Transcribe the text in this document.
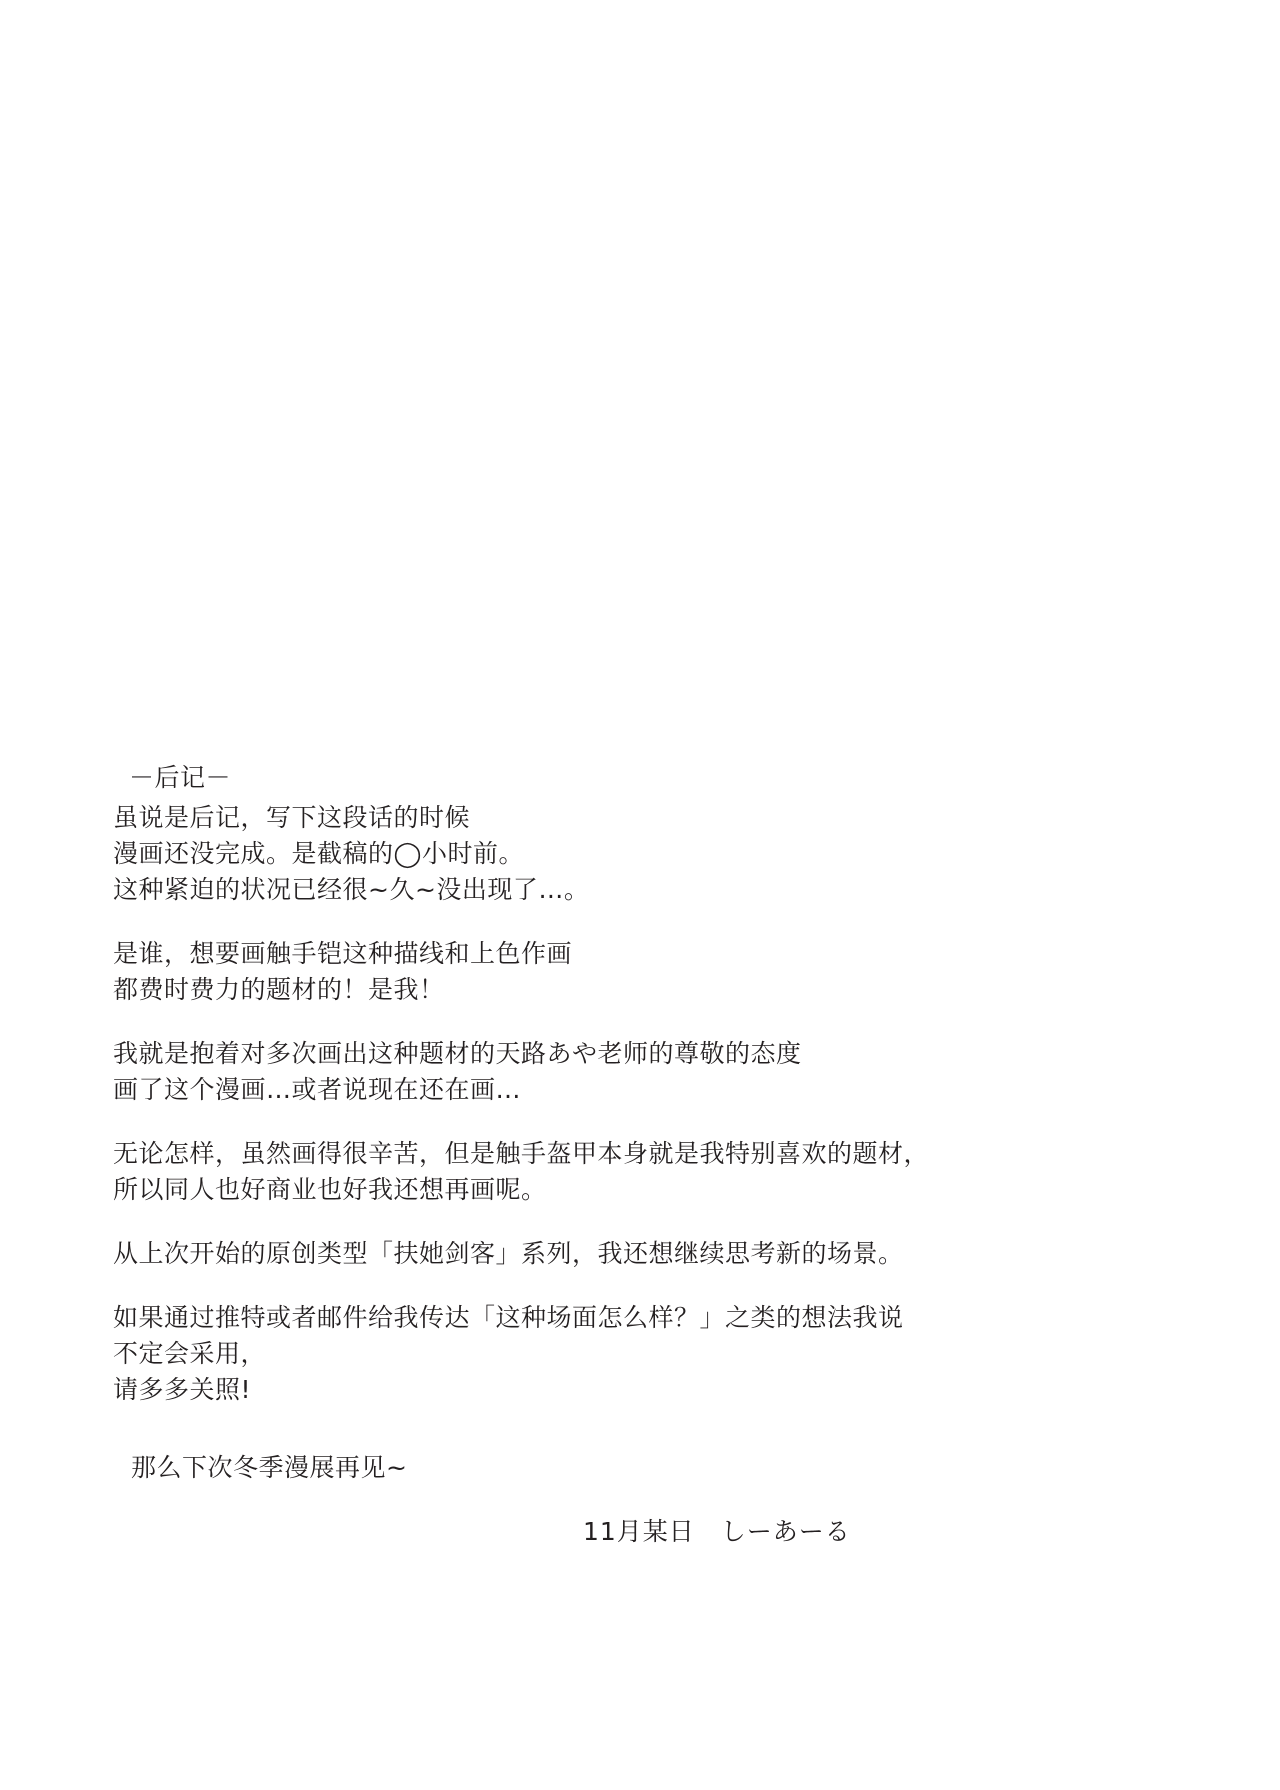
－后记－

虽说是后记，写下这段话的时候

漫画还没完成。是截稿的◯小时前。

这种紧迫的状况已经很~久~没出现了…。

是谁，想要画触手铠这种描线和上色作画

都费时费力的题材的！是我！

我就是抱着对多次画出这种题材的天路あや老师的尊敬的态度

画了这个漫画…或者说现在还在画…

无论怎样，虽然画得很辛苦，但是触手盔甲本身就是我特别喜欢的题材，

所以同人也好商业也好我还想再画呢。

从上次开始的原创类型「扶她剑客」系列，我还想继续思考新的场景。

如果通过推特或者邮件给我传达「这种场面怎么样？」之类的想法我说

不定会采用，

请多多关照!

那么下次冬季漫展再见~

11月某日　しーあーる
